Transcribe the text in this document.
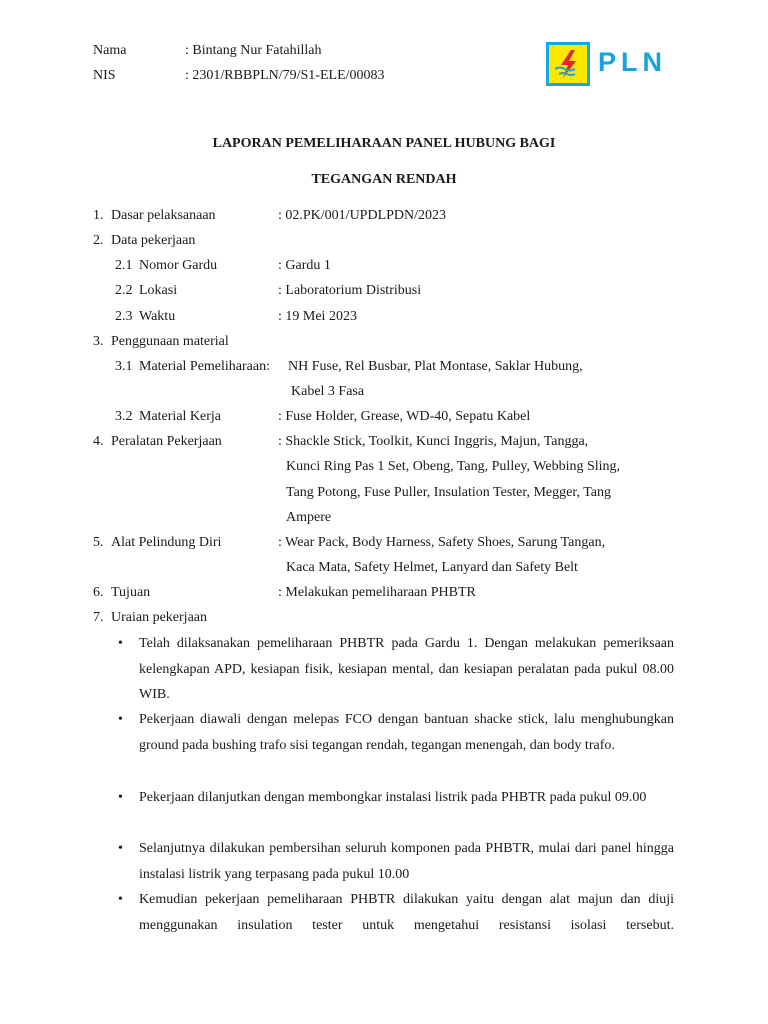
Nama	: Bintang Nur Fatahillah
NIS	: 2301/RBBPLN/79/S1-ELE/00083	PLN
LAPORAN PEMELIHARAAN PANEL HUBUNG BAGI
TEGANGAN RENDAH
1. Dasar pelaksanaan	: 02.PK/001/UPDLPDN/2023
2. Data pekerjaan
2.1 Nomor Gardu	: Gardu 1
2.2 Lokasi	: Laboratorium Distribusi
2.3 Waktu	: 19 Mei 2023
3. Penggunaan material
3.1 Material Pemeliharaan: NH Fuse, Rel Busbar, Plat Montase, Saklar Hubung,
Kabel 3 Fasa
3.2 Material Kerja	: Fuse Holder, Grease, WD-40, Sepatu Kabel
4. Peralatan Pekerjaan	: Shackle Stick, Toolkit, Kunci Inggris, Majun, Tangga,
Kunci Ring Pas 1 Set, Obeng, Tang, Pulley, Webbing Sling,
Tang Potong, Fuse Puller, Insulation Tester, Megger, Tang
Ampere
5. Alat Pelindung Diri	: Wear Pack, Body Harness, Safety Shoes, Sarung Tangan,
Kaca Mata, Safety Helmet, Lanyard dan Safety Belt
6. Tujuan	: Melakukan pemeliharaan PHBTR
7. Uraian pekerjaan
• Telah dilaksanakan pemeliharaan PHBTR pada Gardu 1. Dengan melakukan pemeriksaan kelengkapan APD, kesiapan fisik, kesiapan mental, dan kesiapan peralatan pada pukul 08.00 WIB.
• Pekerjaan diawali dengan melepas FCO dengan bantuan shacke stick, lalu menghubungkan ground pada bushing trafo sisi tegangan rendah, tegangan menengah, dan body trafo.
• Pekerjaan dilanjutkan dengan membongkar instalasi listrik pada PHBTR pada pukul 09.00
• Selanjutnya dilakukan pembersihan seluruh komponen pada PHBTR, mulai dari panel hingga instalasi listrik yang terpasang pada pukul 10.00
• Kemudian pekerjaan pemeliharaan PHBTR dilakukan yaitu dengan alat majun dan diuji menggunakan insulation tester untuk mengetahui resistansi isolasi tersebut.
